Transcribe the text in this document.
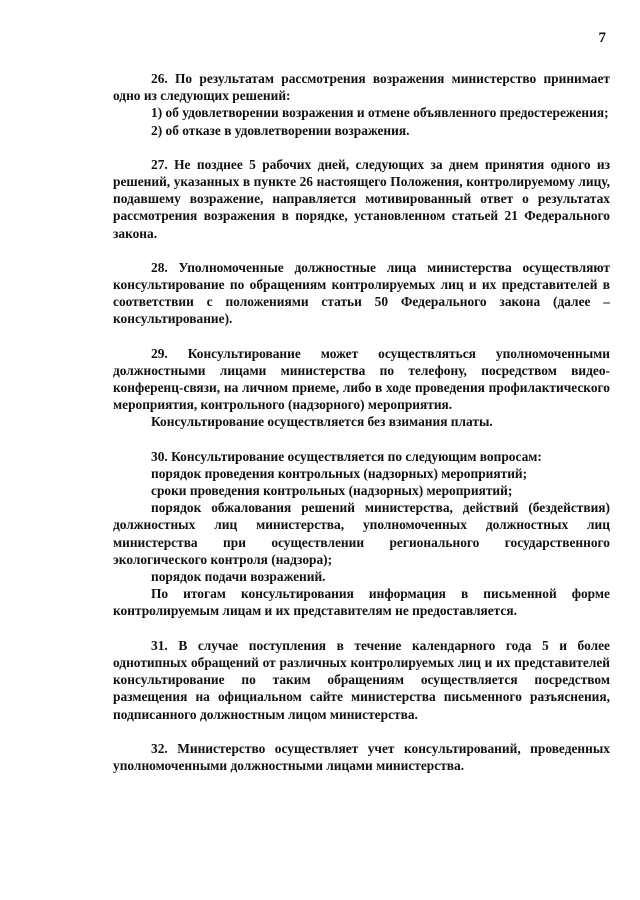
7

26. По результатам рассмотрения возражения министерство принимает одно из следующих решений:

1) об удовлетворении возражения и отмене объявленного предостережения;

2) об отказе в удовлетворении возражения.

27. Не позднее 5 рабочих дней, следующих за днем принятия одного из решений, указанных в пункте 26 настоящего Положения, контролируемому лицу, подавшему возражение, направляется мотивированный ответ о результатах рассмотрения возражения в порядке, установленном статьей 21 Федерального закона.

28. Уполномоченные должностные лица министерства осуществляют консультирование по обращениям контролируемых лиц и их представителей в соответствии с положениями статьи 50 Федерального закона (далее – консультирование).

29. Консультирование может осуществляться уполномоченными должностными лицами министерства по телефону, посредством видео-конференц-связи, на личном приеме, либо в ходе проведения профилактического мероприятия, контрольного (надзорного) мероприятия.

Консультирование осуществляется без взимания платы.

30. Консультирование осуществляется по следующим вопросам:

порядок проведения контрольных (надзорных) мероприятий;

сроки проведения контрольных (надзорных) мероприятий;

порядок обжалования решений министерства, действий (бездействия) должностных лиц министерства, уполномоченных должностных лиц министерства при осуществлении регионального государственного экологического контроля (надзора);

порядок подачи возражений.

По итогам консультирования информация в письменной форме контролируемым лицам и их представителям не предоставляется.

31. В случае поступления в течение календарного года 5 и более однотипных обращений от различных контролируемых лиц и их представителей консультирование по таким обращениям осуществляется посредством размещения на официальном сайте министерства письменного разъяснения, подписанного должностным лицом министерства.

32. Министерство осуществляет учет консультирований, проведенных уполномоченными должностными лицами министерства.
